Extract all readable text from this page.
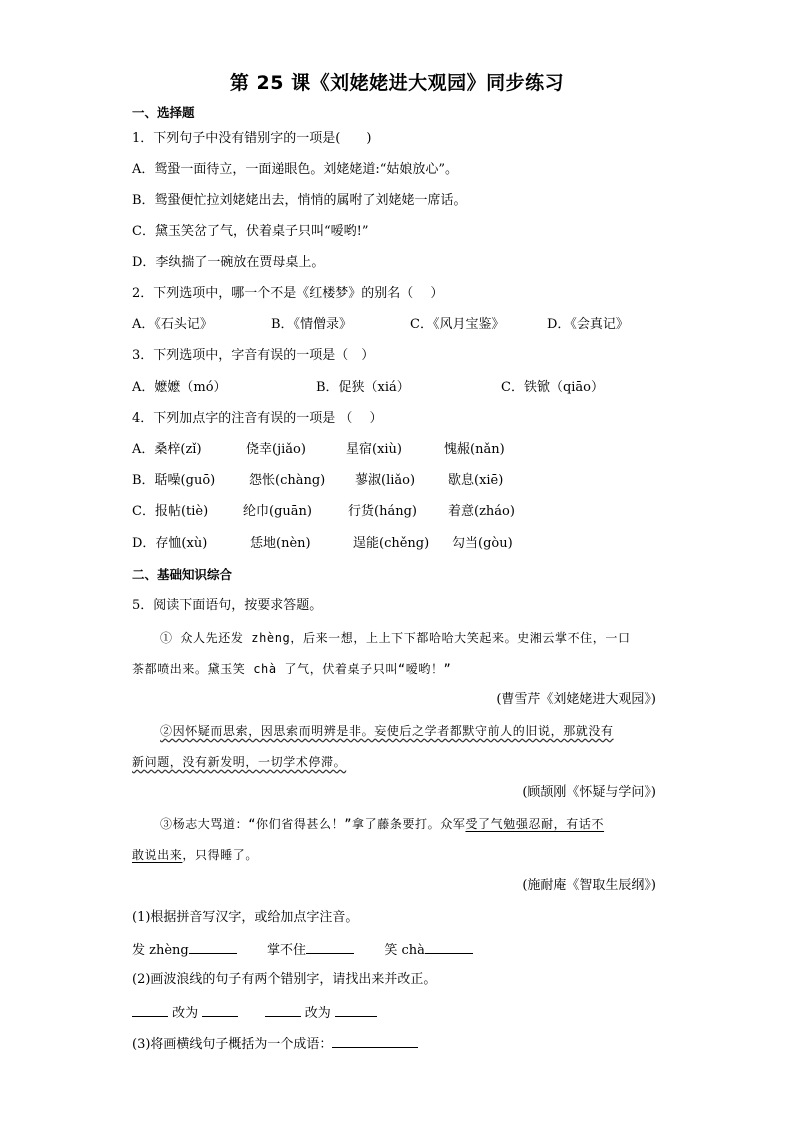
第 25 课《刘姥姥进大观园》同步练习
一、选择题
1．下列句子中没有错别字的一项是(　　)
A．鸳蛩一面待立，一面递眼色。刘姥姥道:“姑娘放心”。
B．鸳蛩便忙拉刘姥姥出去，悄悄的属咐了刘姥姥一席话。
C．黛玉笑岔了气，伏着桌子只叫“嗳哟!”
D．李纨揣了一碗放在贾母桌上。
2．下列选项中，哪一个不是《红楼梦》的别名（　 ）
A．《石头记》	B．《情僧录》	C．《风月宝鉴》	D．《会真记》
3．下列选项中，字音有误的一项是（　）
A．嬷嬷（mó）	B．促狭（xiá）	C．铁锨（qiāo）
4．下列加点字的注音有误的一项是 （　 ）
A．桑梓(zǐ)	侥幸(jiǎo)	星宿(xiù)	愧赧(nǎn)
B．聒噪(guō)	怨怅(chàng) 蓼淑(liǎo)	歇息(xiē)
C．报帖(tiè)	纶巾(guān)	行货(háng) 着意(zháo)
D．存恤(xù)	恁地(nèn)	逞能(chěng) 勾当(gòu)
二、基础知识综合
5．阅读下面语句，按要求答题。
① 众人先还发 zhèng，后来一想，上上下下都哈哈大笑起来。史湘云掌不住，一口
茶都喷出来。黛玉笑 chà 了气，伏着桌子只叫“嗳哟！”
(曹雪芹《刘姥姥进大观园》)
②因怀疑而思索，因思索而明辨是非。妄使后之学者都默守前人的旧说，那就没有
新问题，没有新发明，一切学术停滞。
(顾颉刚《怀疑与学问》)
③杨志大骂道：“你们省得甚么！”拿了藤条要打。众军受了气勉强忍耐，有话不
敢说出来，只得睡了。
(施耐庵《智取生辰纲》)
(1)根据拼音写汉字，或给加点字注音。
发 zhèng	掌不住	笑 chà
(2)画波浪线的句子有两个错别字，请找出来并改正。
改为	改为
(3)将画横线句子概括为一个成语：
